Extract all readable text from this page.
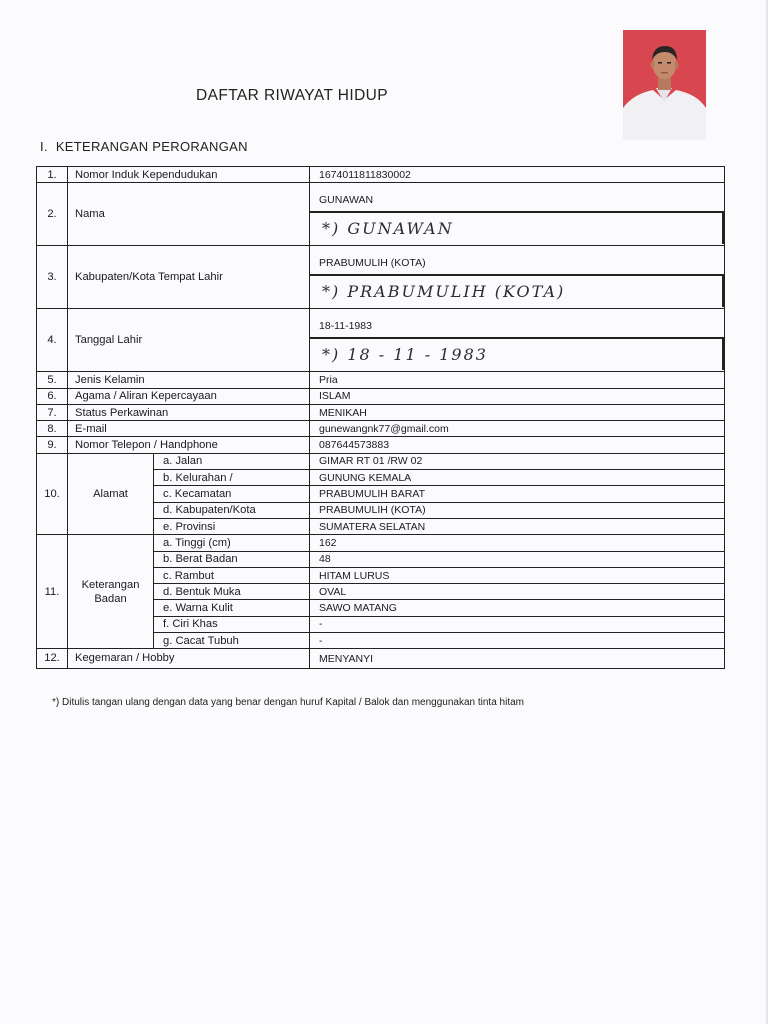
DAFTAR RIWAYAT HIDUP
I. KETERANGAN PERORANGAN
1.	Nomor Induk Kependudukan		1674011811830002
2.	Nama		GUNAWAN
*) GUNAWAN

3.	Kabupaten/Kota Tempat Lahir		PRABUMULIH (KOTA)
*) PRABUMULIH (KOTA)

4.	Tanggal Lahir		18-11-1983
*) 18 - 11 - 1983

5.	Jenis Kelamin		Pria
6.	Agama / Aliran Kepercayaan		ISLAM
7.	Status Perkawinan		MENIKAH
8.	E-mail		gunewangnk77@gmail.com
9.	Nomor Telepon / Handphone		087644573883
10.	Alamat	a. Jalan	GIMAR RT 01 /RW 02
		b. Kelurahan /	GUNUNG KEMALA
		c. Kecamatan	PRABUMULIH BARAT
		d. Kabupaten/Kota	PRABUMULIH (KOTA)
		e. Provinsi	SUMATERA SELATAN
11.	Keterangan Badan	a. Tinggi (cm)	162
		b. Berat Badan	48
		c. Rambut	HITAM LURUS
		d. Bentuk Muka	OVAL
		e. Warna Kulit	SAWO MATANG
		f. Ciri Khas	-
		g. Cacat Tubuh	-
12.	Kegemaran / Hobby		MENYANYI
*) Ditulis tangan ulang dengan data yang benar dengan huruf Kapital / Balok dan menggunakan tinta hitam
